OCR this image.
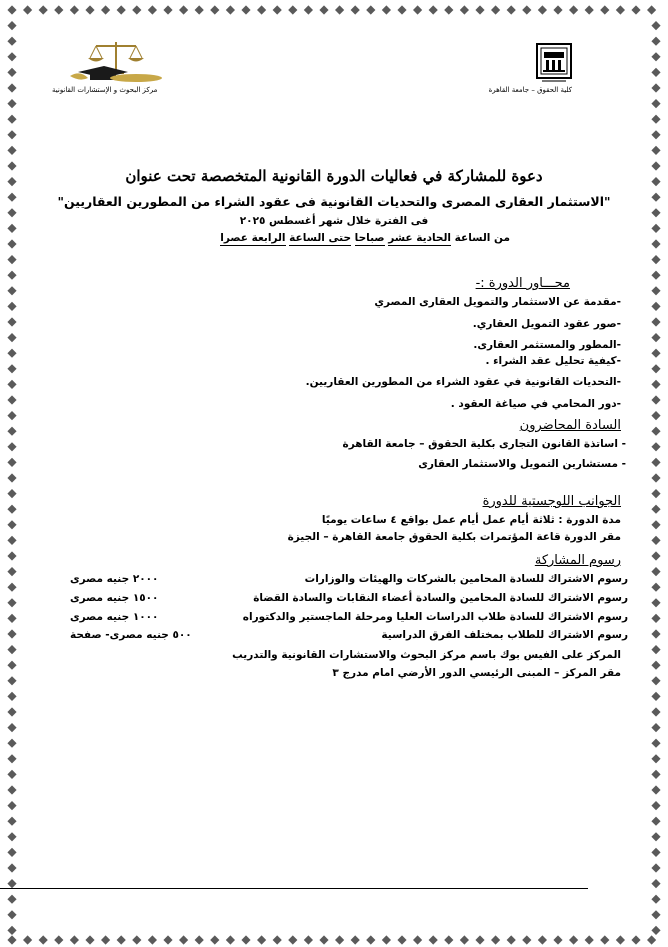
مركز البحوث و الإستشارات القانونية	كلية الحقوق – جامعة القاهرة
دعوة للمشاركة في فعاليات الدورة القانونية المتخصصة تحت عنوان
"الاستثمار العقارى المصرى والتحديات القانونية فى عقود الشراء من المطورين العقاريين"
فى الفترة خلال شهر أغسطس ٢٠٢٥
من الساعة الحادية عشر صباحا حتى الساعة الرابعة عصرا
محـــاور الدورة :-
-مقدمة عن الاستثمار والتمويل العقارى المصري
-صور عقود التمويل العقاري.
-المطور والمستثمر العقارى.
-كيفية تحليل عقد الشراء .
-التحديات القانونية في عقود الشراء من المطورين العقاريين.
-دور المحامي في صياغة العقود .
السادة المحاضرون
- اساتذة القانون التجارى بكلية الحقوق – جامعة القاهرة
- مستشارين التمويل والاستثمار العقارى
الجوانب اللوجستية للدورة
مدة الدورة : ثلاثة أيام عمل أيام عمل بواقع ٤ ساعات يوميًا
مقر الدورة قاعة المؤتمرات بكلية الحقوق جامعة القاهرة – الجيزة
رسوم المشاركة
رسوم الاشتراك للسادة المحامين بالشركات والهيئات والوزارات
٢٠٠٠ جنيه مصرى
رسوم الاشتراك للسادة المحامين والسادة أعضاء النقابات والسادة القضاة
١٥٠٠ جنيه مصرى
رسوم الاشتراك للسادة طلاب الدراسات العليا ومرحلة الماجستير والدكتوراه
١٠٠٠ جنيه مصرى
رسوم الاشتراك للطلاب بمختلف الفرق الدراسية
٥٠٠ جنيه مصرى- صفحة
المركز على الفيس بوك باسم مركز البحوث والاستشارات القانونية والتدريب
مقر المركز – المبنى الرئيسي الدور الأرضي امام مدرج ٣
